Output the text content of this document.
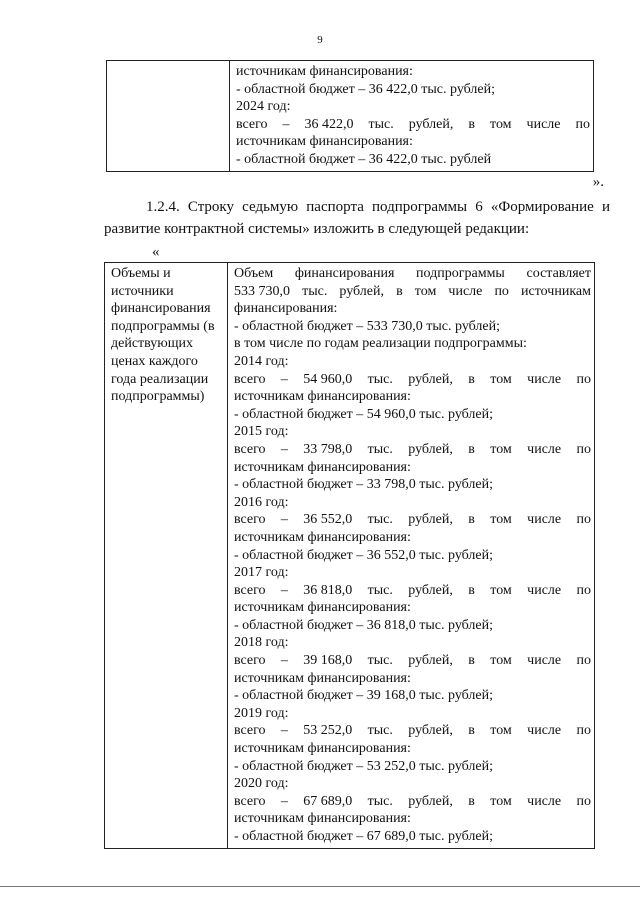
9

источникам финансирования:
- областной бюджет – 36 422,0 тыс. рублей;
2024 год:
всего – 36 422,0 тыс. рублей, в том числе по
источникам финансирования:
- областной бюджет – 36 422,0 тыс. рублей
».
1.2.4. Строку седьмую паспорта подпрограммы 6 «Формирование и
развитие контрактной системы» изложить в следующей редакции:
«
Объемы и
источники
финансирования
подпрограммы (в
действующих
ценах каждого
года реализации
подпрограммы)

Объем финансирования подпрограммы составляет
533 730,0 тыс. рублей, в том числе по источникам
финансирования:
- областной бюджет – 533 730,0 тыс. рублей;
в том числе по годам реализации подпрограммы:
2014 год:
всего – 54 960,0 тыс. рублей, в том числе по
источникам финансирования:
- областной бюджет – 54 960,0 тыс. рублей;
2015 год:
всего – 33 798,0 тыс. рублей, в том числе по
источникам финансирования:
- областной бюджет – 33 798,0 тыс. рублей;
2016 год:
всего – 36 552,0 тыс. рублей, в том числе по
источникам финансирования:
- областной бюджет – 36 552,0 тыс. рублей;
2017 год:
всего – 36 818,0 тыс. рублей, в том числе по
источникам финансирования:
- областной бюджет – 36 818,0 тыс. рублей;
2018 год:
всего – 39 168,0 тыс. рублей, в том числе по
источникам финансирования:
- областной бюджет – 39 168,0 тыс. рублей;
2019 год:
всего – 53 252,0 тыс. рублей, в том числе по
источникам финансирования:
- областной бюджет – 53 252,0 тыс. рублей;
2020 год:
всего – 67 689,0 тыс. рублей, в том числе по
источникам финансирования:
- областной бюджет – 67 689,0 тыс. рублей;
